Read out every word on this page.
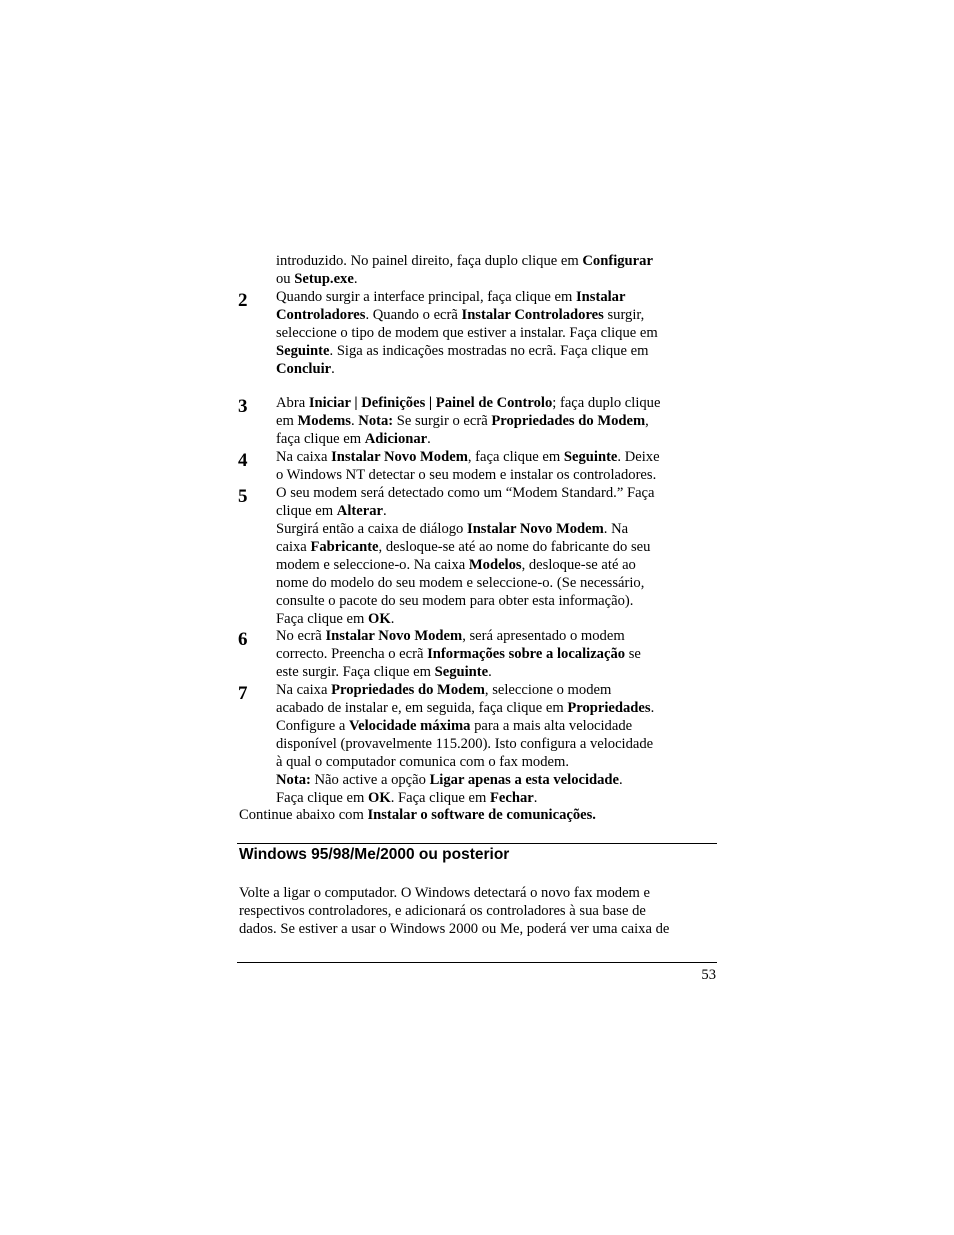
introduzido. No painel direito, faça duplo clique em Configurar
ou Setup.exe.
2 Quando surgir a interface principal, faça clique em Instalar
Controladores. Quando o ecrã Instalar Controladores surgir,
seleccione o tipo de modem que estiver a instalar. Faça clique em
Seguinte. Siga as indicações mostradas no ecrã. Faça clique em
Concluir.
3 Abra Iniciar | Definições | Painel de Controlo; faça duplo clique
em Modems. Nota: Se surgir o ecrã Propriedades do Modem,
faça clique em Adicionar.
4 Na caixa Instalar Novo Modem, faça clique em Seguinte. Deixe
o Windows NT detectar o seu modem e instalar os controladores.
5 O seu modem será detectado como um “Modem Standard.” Faça
clique em Alterar.
Surgirá então a caixa de diálogo Instalar Novo Modem. Na
caixa Fabricante, desloque-se até ao nome do fabricante do seu
modem e seleccione-o. Na caixa Modelos, desloque-se até ao
nome do modelo do seu modem e seleccione-o. (Se necessário,
consulte o pacote do seu modem para obter esta informação).
Faça clique em OK.
6 No ecrã Instalar Novo Modem, será apresentado o modem
correcto. Preencha o ecrã Informações sobre a localização se
este surgir. Faça clique em Seguinte.
7 Na caixa Propriedades do Modem, seleccione o modem
acabado de instalar e, em seguida, faça clique em Propriedades.
Configure a Velocidade máxima para a mais alta velocidade
disponível (provavelmente 115.200). Isto configura a velocidade
à qual o computador comunica com o fax modem.
Nota: Não active a opção Ligar apenas a esta velocidade.
Faça clique em OK. Faça clique em Fechar.
Continue abaixo com Instalar o software de comunicações.
Windows 95/98/Me/2000 ou posterior
Volte a ligar o computador. O Windows detectará o novo fax modem e
respectivos controladores, e adicionará os controladores à sua base de
dados. Se estiver a usar o Windows 2000 ou Me, poderá ver uma caixa de
53
